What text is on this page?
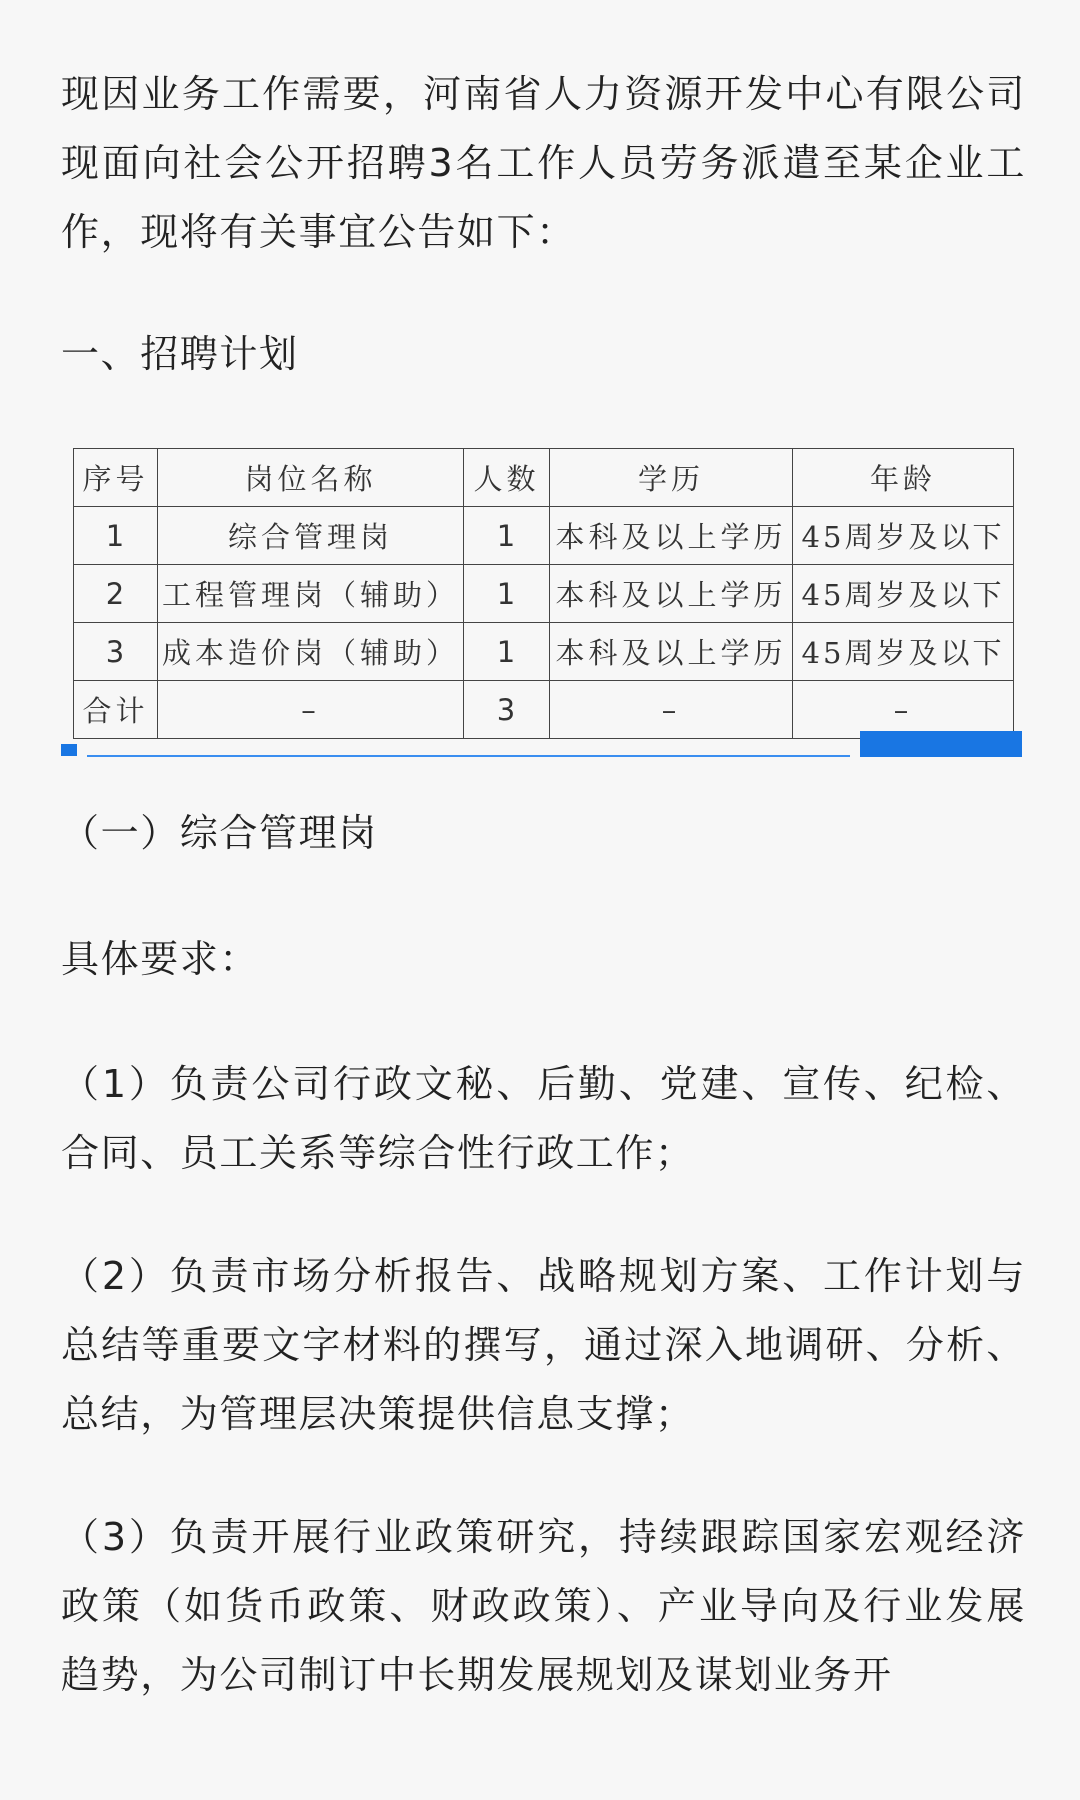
现因业务工作需要，河南省人力资源开发中心有限公司现面向社会公开招聘3名工作人员劳务派遣至某企业工作，现将有关事宜公告如下：

一、招聘计划

序号	岗位名称	人数	学历	年龄
1	综合管理岗	1	本科及以上学历	45周岁及以下
2	工程管理岗（辅助）	1	本科及以上学历	45周岁及以下
3	成本造价岗（辅助）	1	本科及以上学历	45周岁及以下
合计	–	3	–	–

（一）综合管理岗

具体要求：

（1）负责公司行政文秘、后勤、党建、宣传、纪检、合同、员工关系等综合性行政工作；

（2）负责市场分析报告、战略规划方案、工作计划与总结等重要文字材料的撰写，通过深入地调研、分析、总结，为管理层决策提供信息支撑；

（3）负责开展行业政策研究，持续跟踪国家宏观经济政策（如货币政策、财政政策）、产业导向及行业发展趋势，为公司制订中长期发展规划及谋划业务开
